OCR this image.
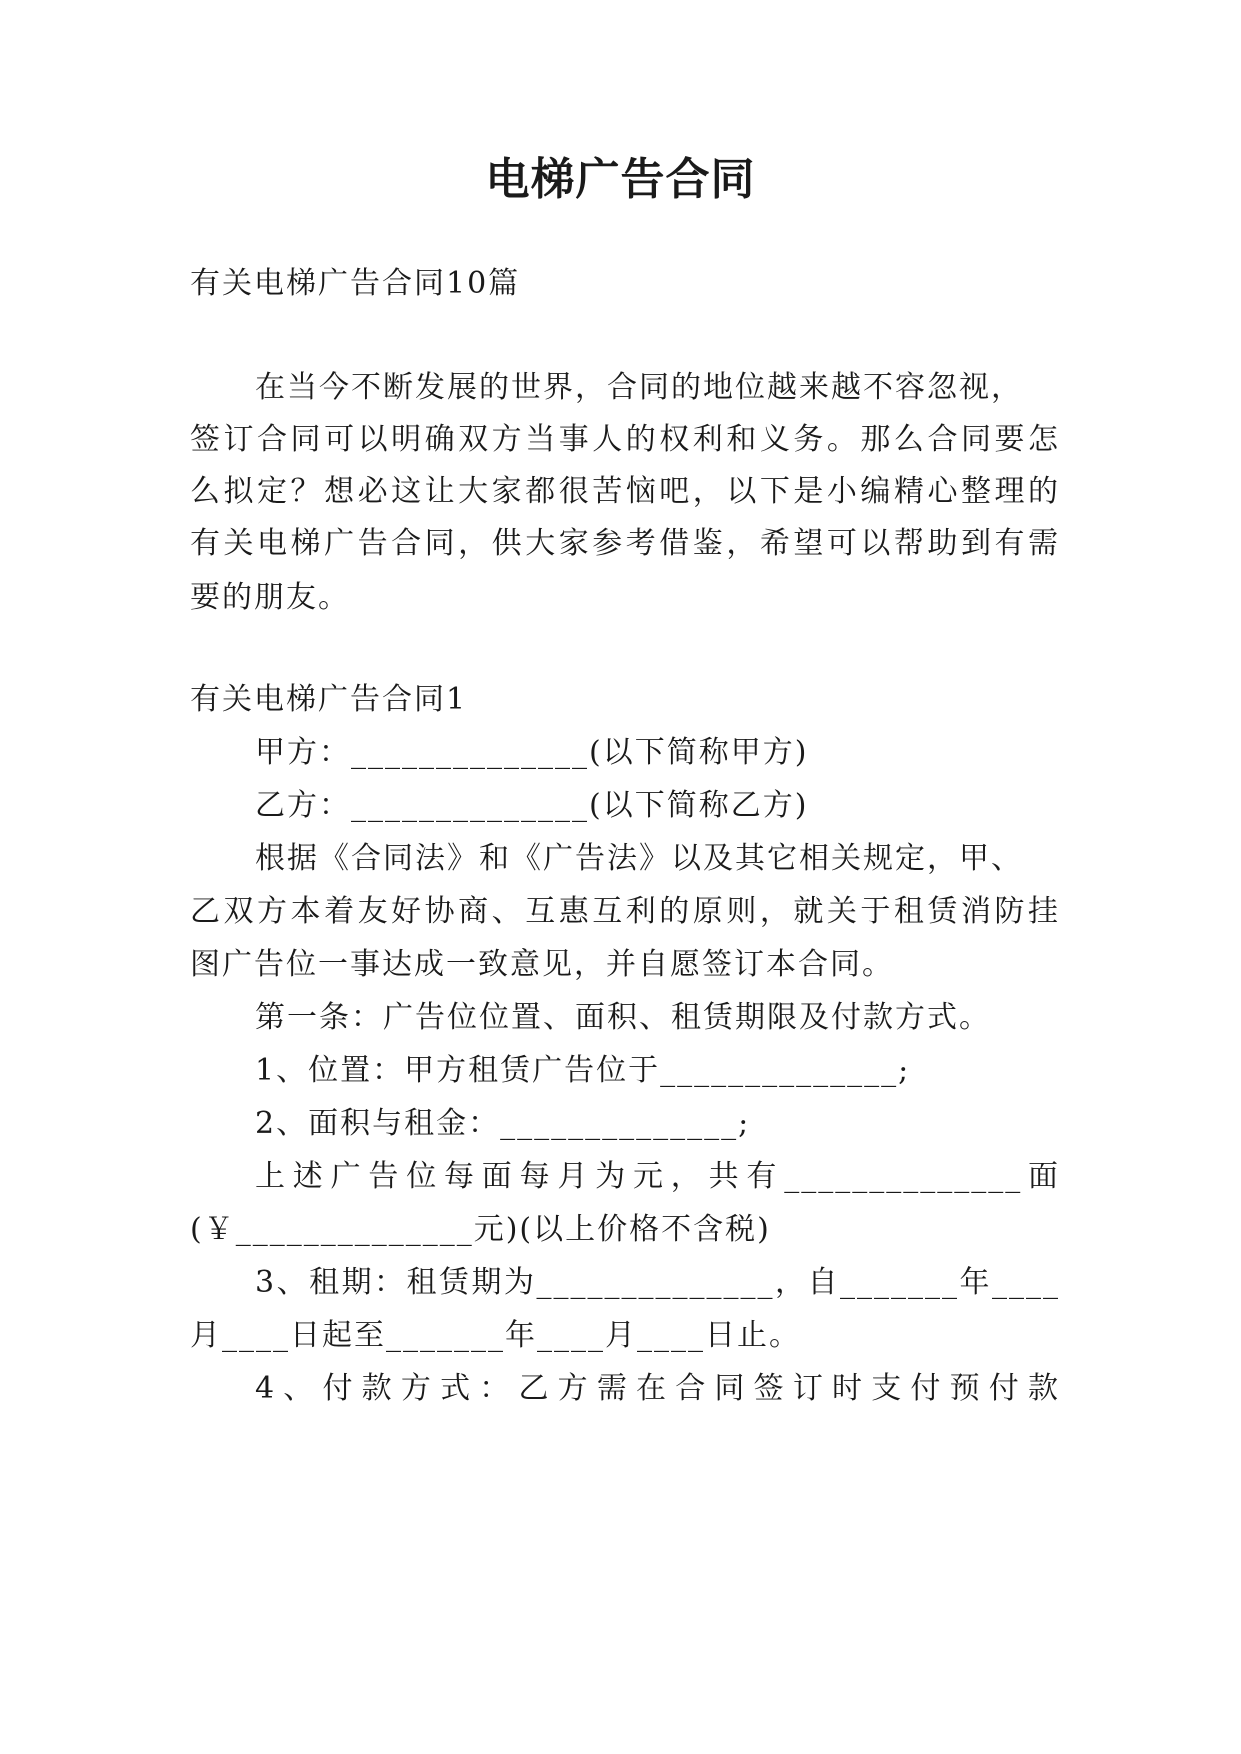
电梯广告合同
有关电梯广告合同10篇
在当今不断发展的世界，合同的地位越来越不容忽视，
签订合同可以明确双方当事人的权利和义务。那么合同要怎
么拟定？想必这让大家都很苦恼吧，以下是小编精心整理的
有关电梯广告合同，供大家参考借鉴，希望可以帮助到有需
要的朋友。
有关电梯广告合同1
甲方：______________(以下简称甲方)
乙方：______________(以下简称乙方)
根据《合同法》和《广告法》以及其它相关规定，甲、
乙双方本着友好协商、互惠互利的原则，就关于租赁消防挂
图广告位一事达成一致意见，并自愿签订本合同。
第一条：广告位位置、面积、租赁期限及付款方式。
1、位置：甲方租赁广告位于______________;
2、面积与租金：______________;
上述广告位每面每月为元，共有______________面
(￥______________元)(以上价格不含税)
3、租期：租赁期为______________，自_______年____
月____日起至_______年____月____日止。
4、付款方式：乙方需在合同签订时支付预付款
